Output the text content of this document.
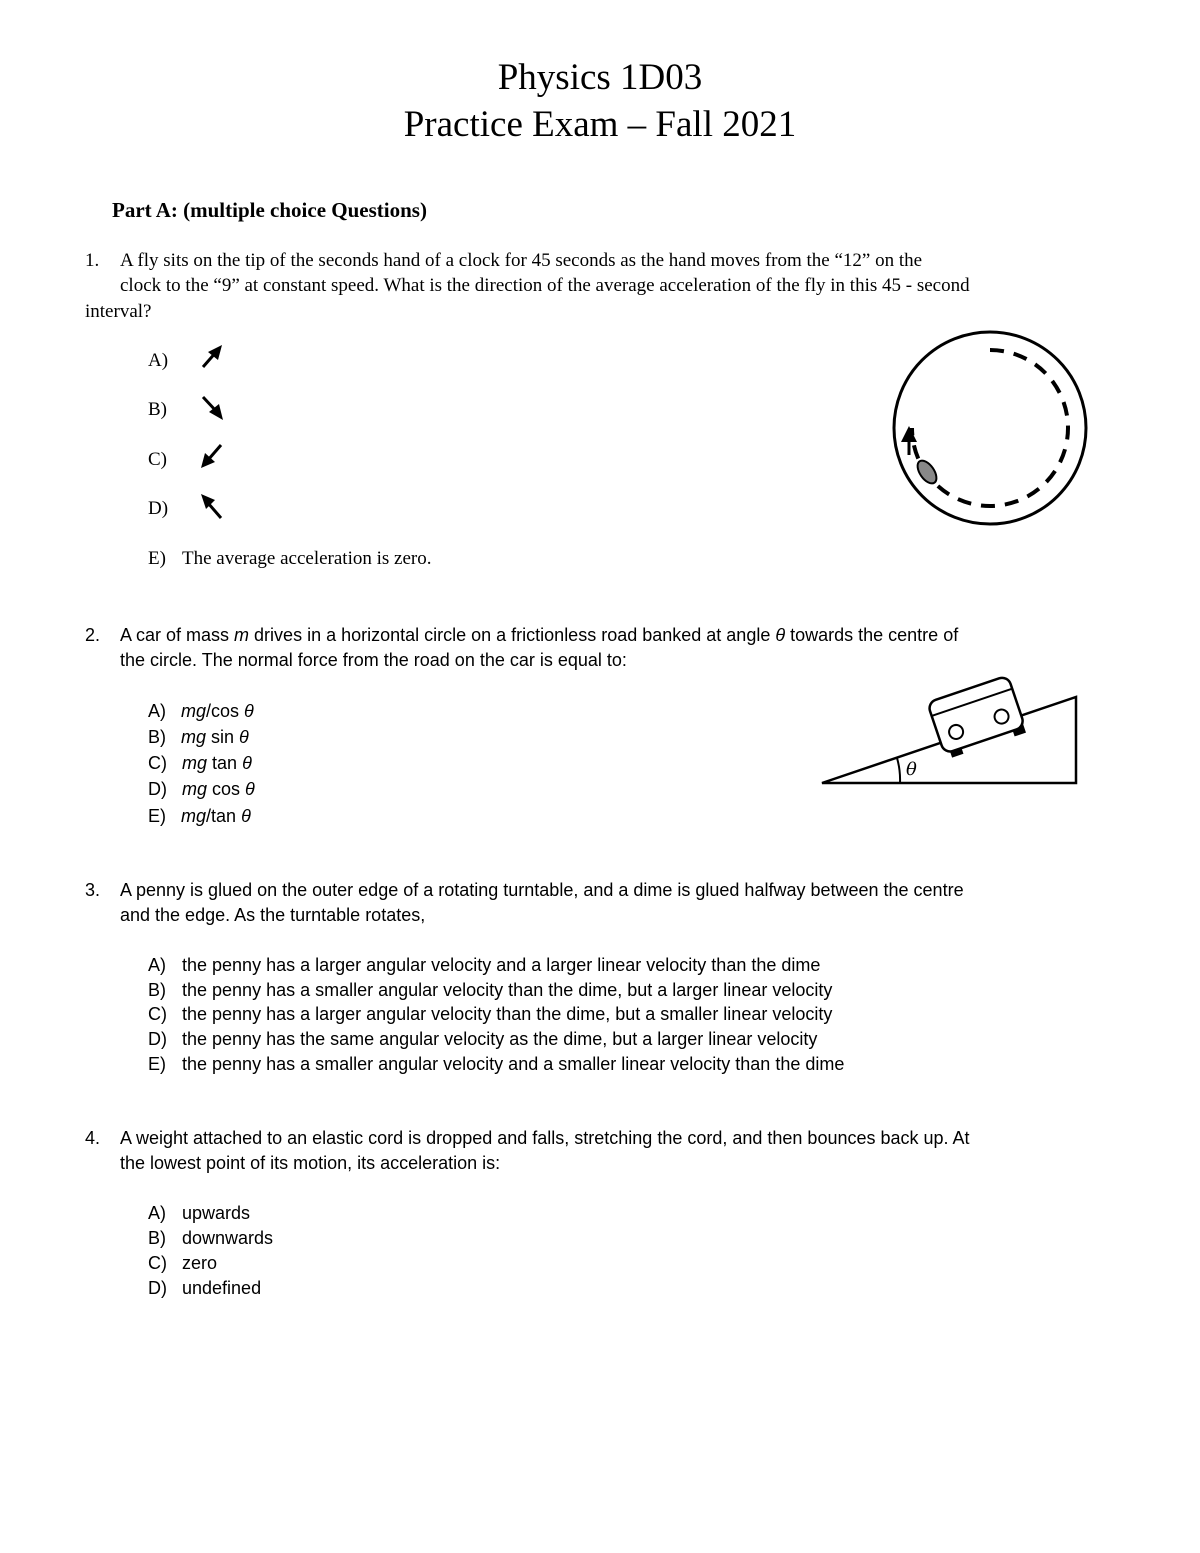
Physics 1D03
Practice Exam – Fall 2021
Part A: (multiple choice Questions)
1. A fly sits on the tip of the seconds hand of a clock for 45 seconds as the hand moves from the “12” on the
clock to the “9” at constant speed. What is the direction of the average acceleration of the fly in this 45 - second
interval?
A)
B)
C)
D)
E) The average acceleration is zero.
2. A car of mass m drives in a horizontal circle on a frictionless road banked at angle θ towards the centre of
the circle. The normal force from the road on the car is equal to:
A) mg/cos θ
B) mg sin θ
C) mg tan θ
D) mg cos θ
E) mg/tan θ
θ
3. A penny is glued on the outer edge of a rotating turntable, and a dime is glued halfway between the centre
and the edge. As the turntable rotates,
A) the penny has a larger angular velocity and a larger linear velocity than the dime
B) the penny has a smaller angular velocity than the dime, but a larger linear velocity
C) the penny has a larger angular velocity than the dime, but a smaller linear velocity
D) the penny has the same angular velocity as the dime, but a larger linear velocity
E) the penny has a smaller angular velocity and a smaller linear velocity than the dime
4. A weight attached to an elastic cord is dropped and falls, stretching the cord, and then bounces back up. At
the lowest point of its motion, its acceleration is:
A) upwards
B) downwards
C) zero
D) undefined
